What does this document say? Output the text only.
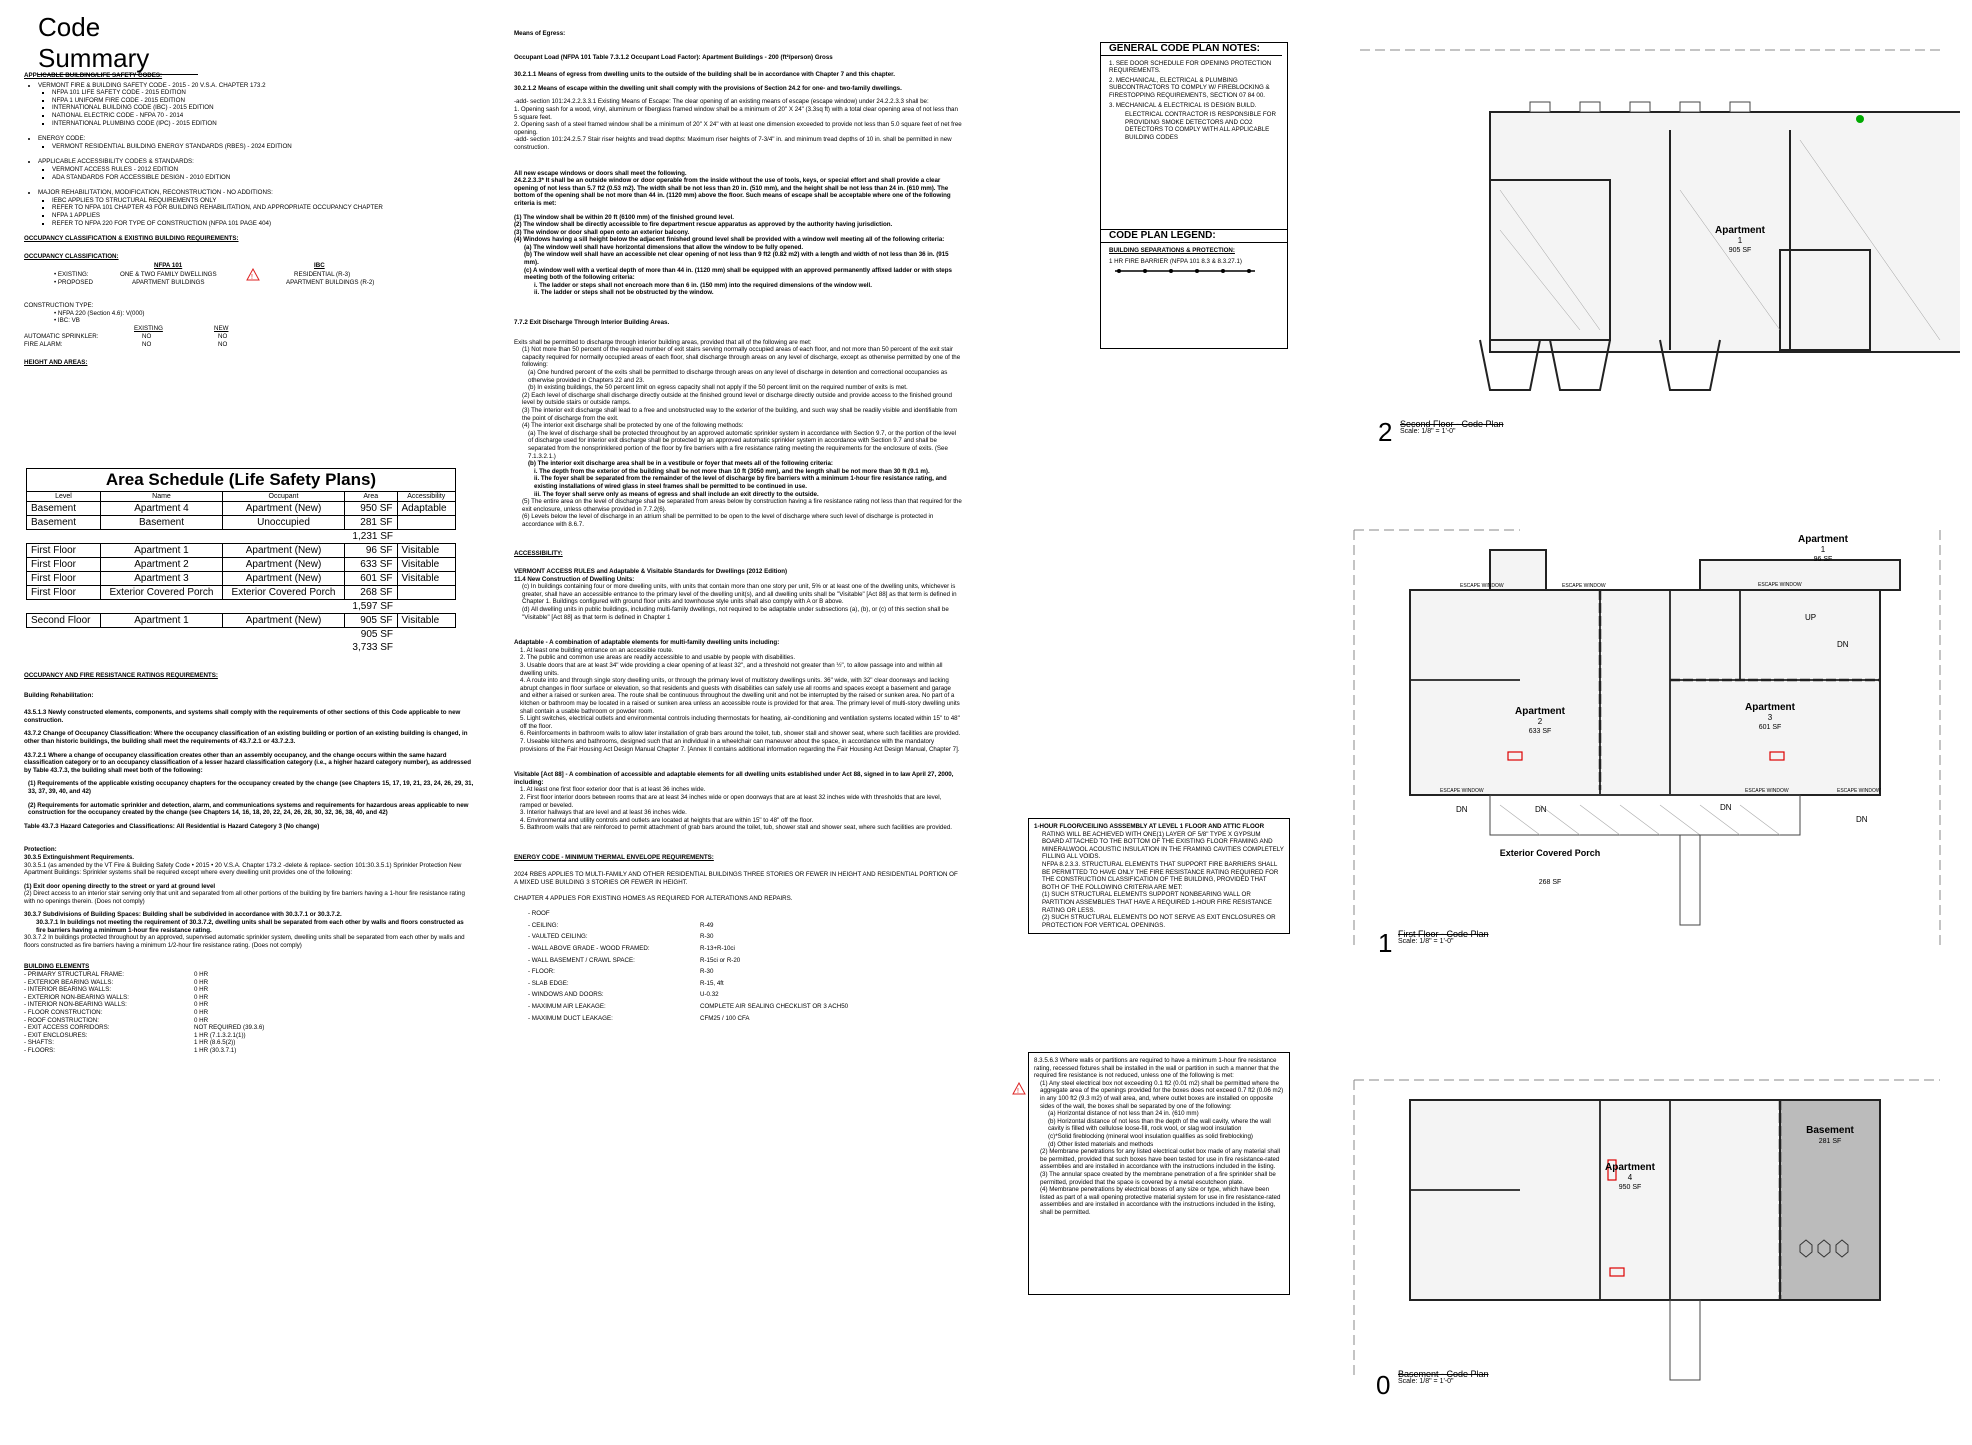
Code Summary
APPLICABLE BUILDING/LIFE SAFETY CODES:
• VERMONT FIRE & BUILDING SAFETY CODE - 2015 - 20 V.S.A. CHAPTER 173.2
▪ NFPA 101 LIFE SAFETY CODE - 2015 EDITION
▪ NFPA 1 UNIFORM FIRE CODE - 2015 EDITION
▪ INTERNATIONAL BUILDING CODE (IBC) - 2015 EDITION
▪ NATIONAL ELECTRIC CODE - NFPA 70 - 2014
▪ INTERNATIONAL PLUMBING CODE (IPC) - 2015 EDITION
• ENERGY CODE:
▪ VERMONT RESIDENTIAL BUILDING ENERGY STANDARDS (RBES) - 2024 EDITION
• APPLICABLE ACCESSIBILITY CODES & STANDARDS:
▪ VERMONT ACCESS RULES - 2012 EDITION
▪ ADA STANDARDS FOR ACCESSIBLE DESIGN - 2010 EDITION
• MAJOR REHABILITATION, MODIFICATION, RECONSTRUCTION - NO ADDITIONS:
▪ IEBC APPLIES TO STRUCTURAL REQUIREMENTS ONLY
▪ REFER TO NFPA 101 CHAPTER 43 FOR BUILDING REHABILITATION, AND APPROPRIATE OCCUPANCY CHAPTER
▪ NFPA 1 APPLIES
▪ REFER TO NFPA 220 FOR TYPE OF CONSTRUCTION (NFPA 101 PAGE 404)
OCCUPANCY CLASSIFICATION & EXISTING BUILDING REQUIREMENTS:
OCCUPANCY CLASSIFICATION:
NFPA 101	IBC
• EXISTING:	ONE & TWO FAMILY DWELLINGS	RESIDENTIAL (R-3)
• PROPOSED	APARTMENT BUILDINGS	APARTMENT BUILDINGS (R-2)
!
CONSTRUCTION TYPE:
• NFPA 220 (Section 4.6): V(000)
• IBC: VB
EXISTING	NEW
AUTOMATIC SPRINKLER:	NO	NO
FIRE ALARM:	NO	NO
HEIGHT AND AREAS:
Area Schedule (Life Safety Plans)				
Level	Name	Occupant	Area	Accessibility
Basement	Apartment 4	Apartment (New)	950 SF	Adaptable
Basement	Basement	Unoccupied	281 SF	
			1,231 SF	
First Floor	Apartment 1	Apartment (New)	96 SF	Visitable
First Floor	Apartment 2	Apartment (New)	633 SF	Visitable
First Floor	Apartment 3	Apartment (New)	601 SF	Visitable
First Floor	Exterior Covered Porch	Exterior Covered Porch	268 SF	
			1,597 SF	
Second Floor	Apartment 1	Apartment (New)	905 SF	Visitable
			905 SF	
			3,733 SF	
OCCUPANCY AND FIRE RESISTANCE RATINGS REQUIREMENTS:
Building Rehabilitation:

43.5.1.3 Newly constructed elements, components, and systems shall comply with the requirements of other sections of this Code applicable to new construction.

43.7.2 Change of Occupancy Classification: Where the occupancy classification of an existing building or portion of an existing building is changed, in other than historic buildings, the building shall meet the requirements of 43.7.2.1 or 43.7.2.3.

43.7.2.1 Where a change of occupancy classification creates other than an assembly occupancy, and the change occurs within the same hazard classification category or to an occupancy classification of a lesser hazard classification category (i.e., a higher hazard category number), as addressed by Table 43.7.3, the building shall meet both of the following:

(1) Requirements of the applicable existing occupancy chapters for the occupancy created by the change (see Chapters 15, 17, 19, 21, 23, 24, 26, 29, 31, 33, 37, 39, 40, and 42)

(2) Requirements for automatic sprinkler and detection, alarm, and communications systems and requirements for hazardous areas applicable to new construction for the occupancy created by the change (see Chapters 14, 16, 18, 20, 22, 24, 26, 28, 30, 32, 36, 38, 40, and 42)

Table 43.7.3 Hazard Categories and Classifications: All Residential is Hazard Category 3 (No change)

Protection:
30.3.5 Extinguishment Requirements.

30.3.5.1 (as amended by the VT Fire & Building Safety Code • 2015 • 20 V.S.A. Chapter 173.2 -delete & replace- section 101:30.3.5.1) Sprinkler Protection New Apartment Buildings: Sprinkler systems shall be required except where every dwelling unit provides one of the following:

(1) Exit door opening directly to the street or yard at ground level

(2) Direct access to an interior stair serving only that unit and separated from all other portions of the building by fire barriers having a 1-hour fire resistance rating with no openings therein. (Does not comply)

30.3.7 Subdivisions of Building Spaces: Building shall be subdivided in accordance with 30.3.7.1 or 30.3.7.2.
30.3.7.1 In buildings not meeting the requirement of 30.3.7.2, dwelling units shall be separated from each other by walls and floors constructed as fire barriers having a minimum 1-hour fire resistance rating.

30.3.7.2 In buildings protected throughout by an approved, supervised automatic sprinkler system, dwelling units shall be separated from each other by walls and floors constructed as fire barriers having a minimum 1/2-hour fire resistance rating. (Does not comply)

BUILDING ELEMENTS
- PRIMARY STRUCTURAL FRAME:	0 HR
- EXTERIOR BEARING WALLS:	0 HR
- INTERIOR BEARING WALLS:	0 HR
- EXTERIOR NON-BEARING WALLS:	0 HR
- INTERIOR NON-BEARING WALLS:	0 HR
- FLOOR CONSTRUCTION:	0 HR
- ROOF CONSTRUCTION:	0 HR
- EXIT ACCESS CORRIDORS:	NOT REQUIRED (39.3.6)
- EXIT ENCLOSURES:	1 HR (7.1.3.2.1(1))
- SHAFTS:	1 HR (8.6.5(2))
- FLOORS:	1 HR (30.3.7.1)
Means of Egress:

Occupant Load (NFPA 101 Table 7.3.1.2 Occupant Load Factor): Apartment Buildings - 200 (ft²/person) Gross

30.2.1.1 Means of egress from dwelling units to the outside of the building shall be in accordance with Chapter 7 and this chapter.

30.2.1.2 Means of escape within the dwelling unit shall comply with the provisions of Section 24.2 for one- and two-family dwellings.

-add- section 101:24.2.2.3.3.1 Existing Means of Escape: The clear opening of an existing means of escape (escape window) under 24.2.2.3.3 shall be:

1. Opening sash for a wood, vinyl, aluminum or fiberglass framed window shall be a minimum of 20" X 24" (3.3sq ft) with a total clear opening area of not less than 5 square feet.
2. Opening sash of a steel framed window shall be a minimum of 20" X 24" with at least one dimension exceeded to provide not less than 5.0 square feet of net free opening.

-add- section 101:24.2.5.7 Stair riser heights and tread depths: Maximum riser heights of 7-3/4" in. and minimum tread depths of 10 in. shall be permitted in new construction.

All new escape windows or doors shall meet the following.

24.2.2.3.3* It shall be an outside window or door operable from the inside without the use of tools, keys, or special effort and shall provide a clear opening of not less than 5.7 ft2 (0.53 m2). The width shall be not less than 20 in. (510 mm), and the height shall be not less than 24 in. (610 mm). The bottom of the opening shall be not more than 44 in. (1120 mm) above the floor. Such means of escape shall be acceptable where one of the following criteria is met:

(1) The window shall be within 20 ft (6100 mm) of the finished ground level.
(2) The window shall be directly accessible to fire department rescue apparatus as approved by the authority having jurisdiction.
(3) The window or door shall open onto an exterior balcony.
(4) Windows having a sill height below the adjacent finished ground level shall be provided with a window well meeting all of the following criteria:
(a) The window well shall have horizontal dimensions that allow the window to be fully opened.
(b) The window well shall have an accessible net clear opening of not less than 9 ft2 (0.82 m2) with a length and width of not less than 36 in. (915 mm).
(c) A window well with a vertical depth of more than 44 in. (1120 mm) shall be equipped with an approved permanently affixed ladder or with steps meeting both of the following criteria:
i. The ladder or steps shall not encroach more than 6 in. (150 mm) into the required dimensions of the window well.
ii. The ladder or steps shall not be obstructed by the window.
7.7.2 Exit Discharge Through Interior Building Areas.
Exits shall be permitted to discharge through interior building areas, provided that all of the following are met:
(1) Not more than 50 percent of the required number of exit stairs serving normally occupied areas of each floor, and not more than 50 percent of the exit stair capacity required for normally occupied areas of each floor, shall discharge through areas on any level of discharge, except as otherwise permitted by one of the following:
(a) One hundred percent of the exits shall be permitted to discharge through areas on any level of discharge in detention and correctional occupancies as otherwise provided in Chapters 22 and 23.
(b) In existing buildings, the 50 percent limit on egress capacity shall not apply if the 50 percent limit on the required number of exits is met.
(2) Each level of discharge shall discharge directly outside at the finished ground level or discharge directly outside and provide access to the finished ground level by outside stairs or outside ramps.
(3) The interior exit discharge shall lead to a free and unobstructed way to the exterior of the building, and such way shall be readily visible and identifiable from the point of discharge from the exit.
(4) The interior exit discharge shall be protected by one of the following methods:
(a) The level of discharge shall be protected throughout by an approved automatic sprinkler system in accordance with Section 9.7, or the portion of the level of discharge used for interior exit discharge shall be protected by an approved automatic sprinkler system in accordance with Section 9.7 and shall be separated from the nonsprinklered portion of the floor by fire barriers with a fire resistance rating meeting the requirements for the enclosure of exits. (See 7.1.3.2.1.)
(b) The interior exit discharge area shall be in a vestibule or foyer that meets all of the following criteria:
i. The depth from the exterior of the building shall be not more than 10 ft (3050 mm), and the length shall be not more than 30 ft (9.1 m).
ii. The foyer shall be separated from the remainder of the level of discharge by fire barriers with a minimum 1-hour fire resistance rating, and existing installations of wired glass in steel frames shall be permitted to be continued in use.
iii. The foyer shall serve only as means of egress and shall include an exit directly to the outside.
(5) The entire area on the level of discharge shall be separated from areas below by construction having a fire resistance rating not less than that required for the exit enclosure, unless otherwise provided in 7.7.2(6).
(6) Levels below the level of discharge in an atrium shall be permitted to be open to the level of discharge where such level of discharge is protected in accordance with 8.6.7.
ACCESSIBILITY:
VERMONT ACCESS RULES and Adaptable & Visitable Standards for Dwellings (2012 Edition)
11.4 New Construction of Dwelling Units:
(c) In buildings containing four or more dwelling units, with units that contain more than one story per unit, 5% or at least one of the dwelling units, whichever is greater, shall have an accessible entrance to the primary level of the dwelling unit(s), and all dwelling units shall be "Visitable" [Act 88] as that term is defined in Chapter 1. Buildings configured with ground floor units and townhouse style units shall also comply with A or B above.
(d) All dwelling units in public buildings, including multi-family dwellings, not required to be adaptable under subsections (a), (b), or (c) of this section shall be "Visitable" [Act 88] as that term is defined in Chapter 1
Adaptable - A combination of adaptable elements for multi-family dwelling units including:
1. At least one building entrance on an accessible route.
2. The public and common use areas are readily accessible to and usable by people with disabilities.
3. Usable doors that are at least 34" wide providing a clear opening of at least 32", and a threshold not greater than ½", to allow passage into and within all dwelling units.
4. A route into and through single story dwelling units, or through the primary level of multistory dwellings units. 36" wide, with 32" clear doorways and lacking abrupt changes in floor surface or elevation, so that residents and guests with disabilities can safely use all rooms and spaces except a basement and garage and either a raised or sunken area. The route shall be continuous throughout the dwelling unit and not be interrupted by the raised or sunken area. No part of a kitchen or bathroom may be located in a raised or sunken area unless an accessible route is provided for that area. The primary level of multi-story dwelling units shall contain a usable bathroom or powder room.
5. Light switches, electrical outlets and environmental controls including thermostats for heating, air-conditioning and ventilation systems located within 15" to 48" off the floor.
6. Reinforcements in bathroom walls to allow later installation of grab bars around the toilet, tub, shower stall and shower seat, where such facilities are provided.
7. Useable kitchens and bathrooms, designed such that an individual in a wheelchair can maneuver about the space, in accordance with the mandatory provisions of the Fair Housing Act Design Manual Chapter 7. [Annex II contains additional information regarding the Fair Housing Act Design Manual, Chapter 7].
Visitable [Act 88] - A combination of accessible and adaptable elements for all dwelling units established under Act 88, signed in to law April 27, 2000, including:
1. At least one first floor exterior door that is at least 36 inches wide.
2. First floor interior doors between rooms that are at least 34 inches wide or open doorways that are at least 32 inches wide with thresholds that are level, ramped or beveled.
3. Interior hallways that are level and at least 36 inches wide.
4. Environmental and utility controls and outlets are located at heights that are within 15" to 48" off the floor.
5. Bathroom walls that are reinforced to permit attachment of grab bars around the toilet, tub, shower stall and shower seat, where such facilities are provided.
ENERGY CODE - MINIMUM THERMAL ENVELOPE REQUIREMENTS:
2024 RBES APPLIES TO MULTI-FAMILY AND OTHER RESIDENTIAL BUILDINGS THREE STORIES OR FEWER IN HEIGHT AND RESIDENTIAL PORTION OF A MIXED USE BUILDING 3 STORIES OR FEWER IN HEIGHT.
CHAPTER 4 APPLIES FOR EXISTING HOMES AS REQUIRED FOR ALTERATIONS AND REPAIRS.
- ROOF
- CEILING:	R-49
- VAULTED CEILING:	R-30
- WALL ABOVE GRADE - WOOD FRAMED:	R-13+R-10ci
- WALL BASEMENT / CRAWL SPACE:	R-15ci or R-20
- FLOOR:	R-30
- SLAB EDGE:	R-15, 4ft
- WINDOWS AND DOORS:	U-0.32
- MAXIMUM AIR LEAKAGE:	COMPLETE AIR SEALING CHECKLIST OR 3 ACH50
- MAXIMUM DUCT LEAKAGE:	CFM25 / 100 CFA
GENERAL CODE PLAN NOTES:
1. SEE DOOR SCHEDULE FOR OPENING PROTECTION REQUIREMENTS.
2. MECHANICAL, ELECTRICAL & PLUMBING SUBCONTRACTORS TO COMPLY W/ FIREBLOCKING & FIRESTOPPING REQUIREMENTS, SECTION 07 84 00.
3. MECHANICAL & ELECTRICAL IS DESIGN BUILD.
ELECTRICAL CONTRACTOR IS RESPONSIBLE FOR PROVIDING SMOKE DETECTORS AND CO2 DETECTORS TO COMPLY WITH ALL APPLICABLE BUILDING CODES
CODE PLAN LEGEND:
BUILDING SEPARATIONS & PROTECTION:
1 HR FIRE BARRIER (NFPA 101 8.3 & 8.3.27.1)
1-HOUR FLOOR/CEILING ASSSEMBLY AT LEVEL 1 FLOOR AND ATTIC FLOOR
RATING WILL BE ACHIEVED WITH ONE(1) LAYER OF 5/8" TYPE X GYPSUM BOARD ATTACHED TO THE BOTTOM OF THE EXISTING FLOOR FRAMING AND MINERALWOOL ACOUSTIC INSULATION IN THE FRAMING CAVITIES COMPLETELY FILLING ALL VOIDS.
NFPA 8.2.3.3. STRUCTURAL ELEMENTS THAT SUPPORT FIRE BARRIERS SHALL BE PERMITTED TO HAVE ONLY THE FIRE RESISTANCE RATING REQUIRED FOR THE CONSTRUCTION CLASSIFICATION OF THE BUILDING, PROVIDED THAT BOTH OF THE FOLLOWING CRITERIA ARE MET:
(1) SUCH STRUCTURAL ELEMENTS SUPPORT NONBEARING WALL OR PARTITION ASSEMBLIES THAT HAVE A REQUIRED 1-HOUR FIRE RESISTANCE RATING OR LESS.
(2) SUCH STRUCTURAL ELEMENTS DO NOT SERVE AS EXIT ENCLOSURES OR PROTECTION FOR VERTICAL OPENINGS.
!
8.3.5.6.3 Where walls or partitions are required to have a minimum 1-hour fire resistance rating, recessed fixtures shall be installed in the wall or partition in such a manner that the required fire resistance is not reduced, unless one of the following is met:
(1) Any steel electrical box not exceeding 0.1 ft2 (0.01 m2) shall be permitted where the aggregate area of the openings provided for the boxes does not exceed 0.7 ft2 (0.06 m2) in any 100 ft2 (9.3 m2) of wall area, and, where outlet boxes are installed on opposite sides of the wall, the boxes shall be separated by one of the following:
(a) Horizontal distance of not less than 24 in. (610 mm)
(b) Horizontal distance of not less than the depth of the wall cavity, where the wall cavity is filled with cellulose loose-fill, rock wool, or slag wool insulation
(c)*Solid fireblocking (mineral wool insulation qualifies as solid fireblocking)
(d) Other listed materials and methods
(2) Membrane penetrations for any listed electrical outlet box made of any material shall be permitted, provided that such boxes have been tested for use in fire resistance-rated assemblies and are installed in accordance with the instructions included in the listing.
(3) The annular space created by the membrane penetration of a fire sprinkler shall be permitted, provided that the space is covered by a metal escutcheon plate.
(4) Membrane penetrations by electrical boxes of any size or type, which have been listed as part of a wall opening protective material system for use in fire resistance-rated assemblies and are installed in accordance with the instructions included in the listing, shall be permitted.
Apartment
1
905 SF
2 Second Floor - Code Plan
Scale: 1/8" = 1'-0"
ESCAPE WINDOW	ESCAPE WINDOW	ESCAPE WINDOW
ESCAPE WINDOW	ESCAPE WINDOW	ESCAPE WINDOW
UP
DN
DN	DN	DN
DN
Apartment
1
96 SF
Apartment
2
633 SF
Apartment
3
601 SF
Exterior Covered Porch
268 SF
1 First Floor - Code Plan
Scale: 1/8" = 1'-0"
Apartment
4
950 SF
Basement
281 SF
0 Basement - Code Plan
Scale: 1/8" = 1'-0"
